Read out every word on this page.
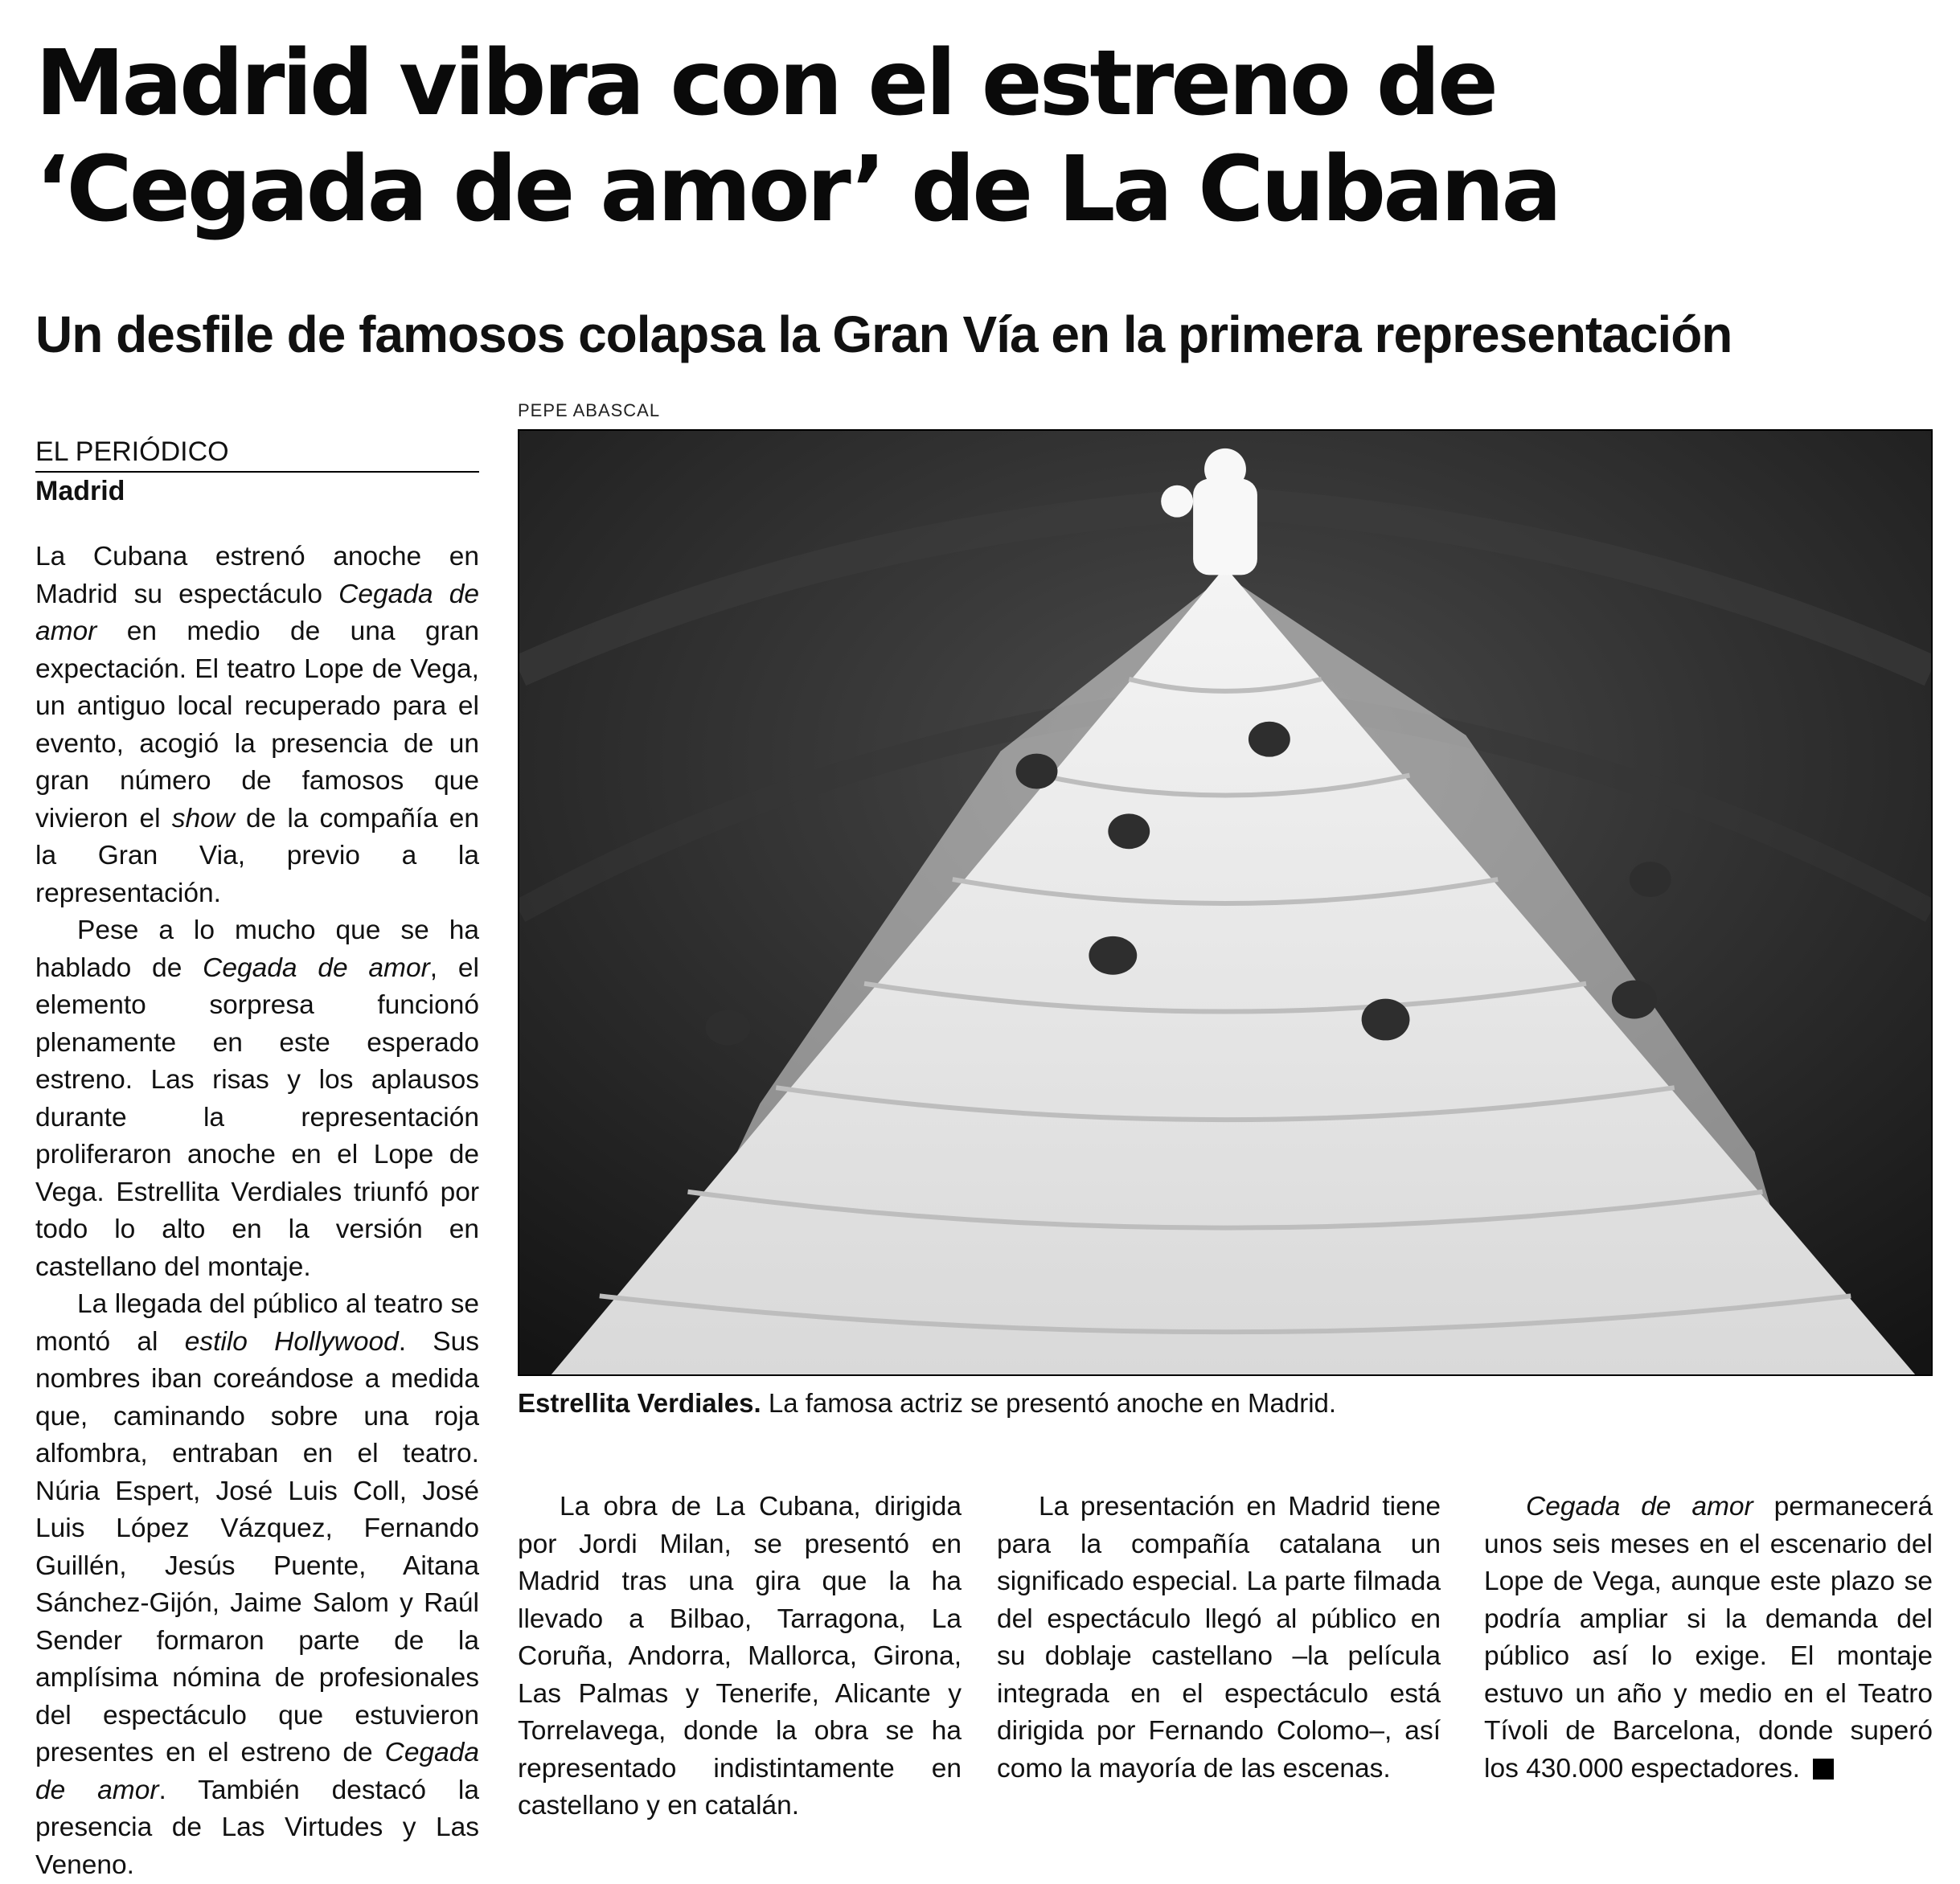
Madrid vibra con el estreno de
‘Cegada de amor’ de La Cubana
Un desfile de famosos colapsa la Gran Vía en la primera representación
EL PERIÓDICO
Madrid
PEPE ABASCAL
Estrellita Verdiales. La famosa actriz se presentó anoche en Madrid.

La Cubana estrenó anoche en Madrid su espectáculo Cegada de amor en medio de una gran expectación. El teatro Lope de Vega, un antiguo local recuperado para el evento, acogió la presencia de un gran número de famosos que vivieron el show de la compañía en la Gran Via, previo a la representación.

Pese a lo mucho que se ha hablado de Cegada de amor, el elemento sorpresa funcionó plenamente en este esperado estreno. Las risas y los aplausos durante la representación proliferaron anoche en el Lope de Vega. Estrellita Verdiales triunfó por todo lo alto en la versión en castellano del montaje.

La llegada del público al teatro se montó al estilo Hollywood. Sus nombres iban coreándose a medida que, caminando sobre una roja alfombra, entraban en el teatro. Núria Espert, José Luis Coll, José Luis López Vázquez, Fernando Guillén, Jesús Puente, Aitana Sánchez-Gijón, Jaime Salom y Raúl Sender formaron parte de la amplísima nómina de profesionales del espectáculo que estuvieron presentes en el estreno de Cegada de amor. También destacó la presencia de Las Virtudes y Las Veneno.

La obra de La Cubana, dirigida por Jordi Milan, se presentó en Madrid tras una gira que la ha llevado a Bilbao, Tarragona, La Coruña, Andorra, Mallorca, Girona, Las Palmas y Tenerife, Alicante y Torrelavega, donde la obra se ha representado indistintamente en castellano y en catalán.

La presentación en Madrid tiene para la compañía catalana un significado especial. La parte filmada del espectáculo llegó al público en su doblaje castellano –la película integrada en el espectáculo está dirigida por Fernando Colomo–, así como la mayoría de las escenas.

Cegada de amor permanecerá unos seis meses en el escenario del Lope de Vega, aunque este plazo se podría ampliar si la demanda del público así lo exige. El montaje estuvo un año y medio en el Teatro Tívoli de Barcelona, donde superó los 430.000 espectadores.
